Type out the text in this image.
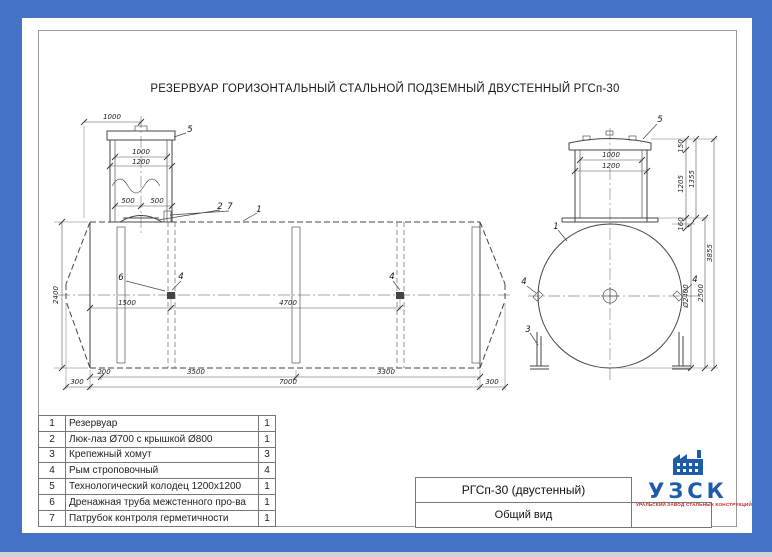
РЕЗЕРВУАР ГОРИЗОНТАЛЬНЫЙ СТАЛЬНОЙ ПОДЗЕМНЫЙ ДВУСТЕННЫЙ РГСп-30
1000
1000
1200
500 500
2400	1500	4700
200	3500	3300
300	7000	300
5
2 7	1
6	4	4
1000
1200
150
1205
160
1355
Ø2400 2500
3855
1
3
4	4
5
1	Резервуар	1
2	Люк-лаз Ø700 с крышкой Ø800	1
3	Крепежный хомут	3
4	Рым строповочный	4
5	Технологический колодец 1200х1200	1
6	Дренажная труба межстенного про-ва	1
7	Патрубок контроля герметичности	1
РГСп-30 (двустенный)
Общий вид
УЗСК
УРАЛЬСКИЙ ЗАВОД СТАЛЬНЫХ КОНСТРУКЦИЙ
